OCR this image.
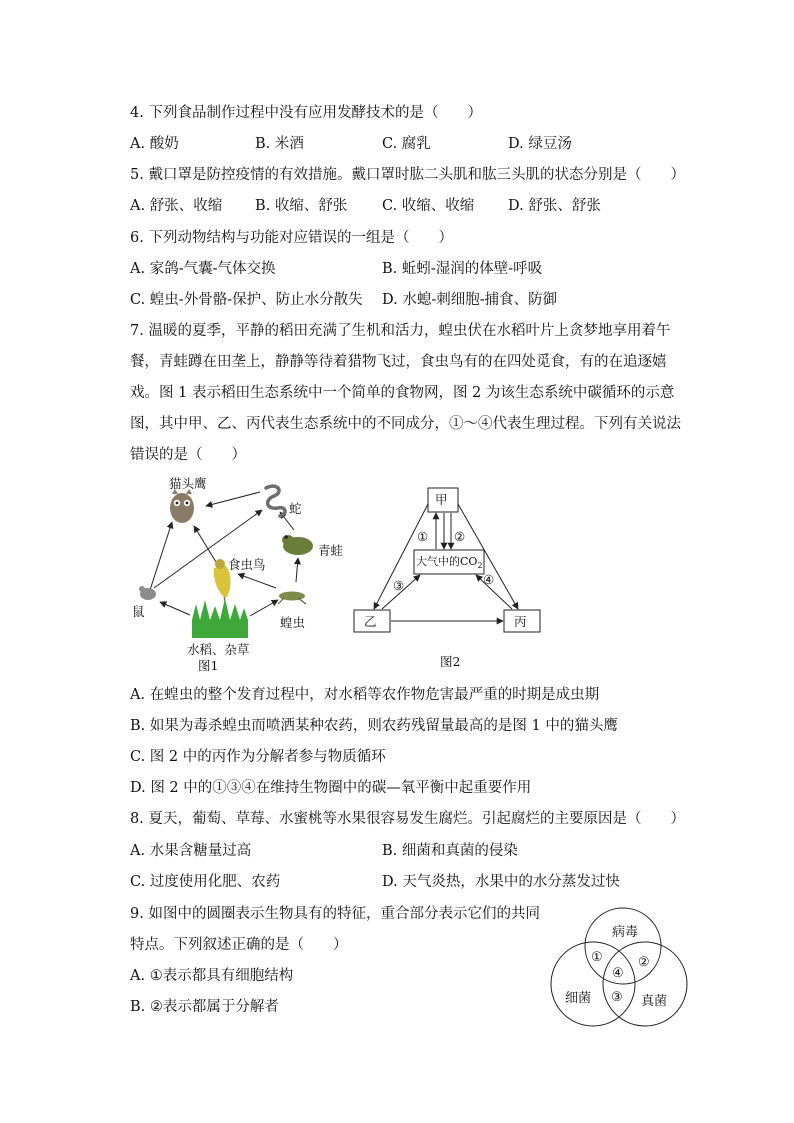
4. 下列食品制作过程中没有应用发酵技术的是（　　）
A. 酸奶	B. 米酒	C. 腐乳	D. 绿豆汤
5. 戴口罩是防控疫情的有效措施。戴口罩时肱二头肌和肱三头肌的状态分别是（　　）
A. 舒张、收缩 B. 收缩、舒张 C. 收缩、收缩 D. 舒张、舒张
6. 下列动物结构与功能对应错误的一组是（　　）
A. 家鸽-气囊-气体交换	B. 蚯蚓-湿润的体壁-呼吸
C. 蝗虫-外骨骼-保护、防止水分散失 D. 水螅-刺细胞-捕食、防御
7. 温暖的夏季，平静的稻田充满了生机和活力，蝗虫伏在水稻叶片上贪梦地享用着午餐，青蛙蹲在田垄上，静静等待着猎物飞过，食虫鸟有的在四处觅食，有的在追逐嬉戏。图 1 表示稻田生态系统中一个简单的食物网，图 2 为该生态系统中碳循环的示意图，其中甲、乙、丙代表生态系统中的不同成分，①～④代表生理过程。下列有关说法错误的是（　　）
猫头鹰
蛇
青蛙
食虫鸟
鼠
蝗虫
水稻、杂草
图1
甲
大气中的$CO_2$
乙	丙
① ②
③	④
图2
A. 在蝗虫的整个发育过程中，对水稻等农作物危害最严重的时期是成虫期
B. 如果为毒杀蝗虫而喷洒某种农药，则农药残留量最高的是图 1 中的猫头鹰
C. 图 2 中的丙作为分解者参与物质循环
D. 图 2 中的①③④在维持生物圈中的碳—氧平衡中起重要作用
8. 夏天，葡萄、草莓、水蜜桃等水果很容易发生腐烂。引起腐烂的主要原因是（　　）
A. 水果含糖量过高	B. 细菌和真菌的侵染
C. 过度使用化肥、农药	D. 天气炎热，水果中的水分蒸发过快
9. 如图中的圆圈表示生物具有的特征，重合部分表示它们的共同
特点。下列叙述正确的是（　　）
A. ①表示都具有细胞结构
B. ②表示都属于分解者
病毒
细菌	真菌
①	②
③
④
